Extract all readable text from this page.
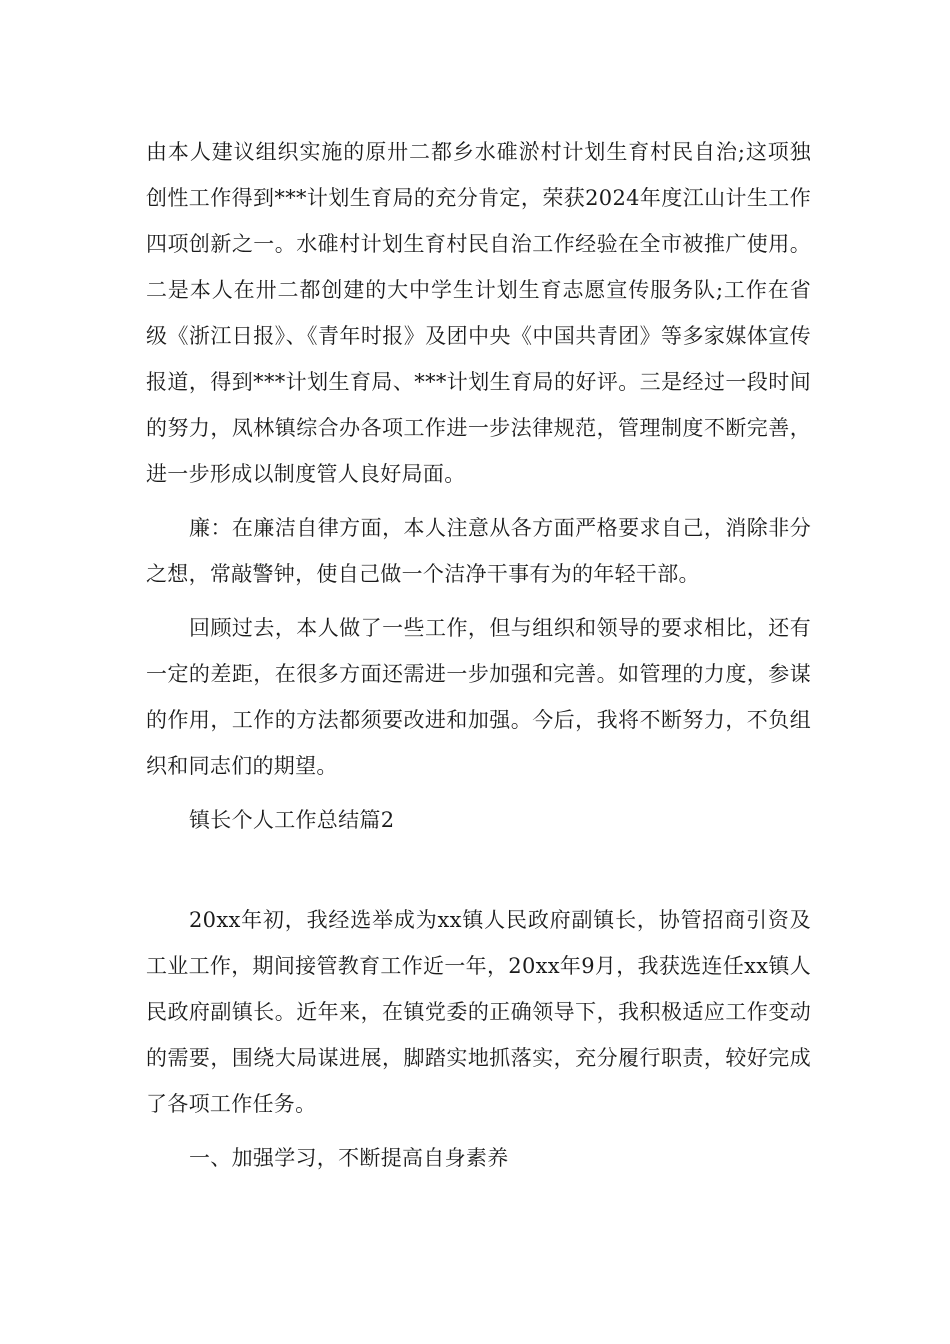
由本人建议组织实施的原卅二都乡水碓淤村计划生育村民自治;这项独创性工作得到***计划生育局的充分肯定，荣获2024年度江山计生工作四项创新之一。水碓村计划生育村民自治工作经验在全市被推广使用。二是本人在卅二都创建的大中学生计划生育志愿宣传服务队;工作在省级《浙江日报》、《青年时报》及团中央《中国共青团》等多家媒体宣传报道，得到***计划生育局、***计划生育局的好评。三是经过一段时间的努力，凤林镇综合办各项工作进一步法律规范，管理制度不断完善，进一步形成以制度管人良好局面。

廉：在廉洁自律方面，本人注意从各方面严格要求自己，消除非分之想，常敲警钟，使自己做一个洁净干事有为的年轻干部。

回顾过去，本人做了一些工作，但与组织和领导的要求相比，还有一定的差距，在很多方面还需进一步加强和完善。如管理的力度，参谋的作用，工作的方法都须要改进和加强。今后，我将不断努力，不负组织和同志们的期望。

镇长个人工作总结篇2

20xx年初，我经选举成为xx镇人民政府副镇长，协管招商引资及工业工作，期间接管教育工作近一年，20xx年9月，我获选连任xx镇人民政府副镇长。近年来，在镇党委的正确领导下，我积极适应工作变动的需要，围绕大局谋进展，脚踏实地抓落实，充分履行职责，较好完成了各项工作任务。

一、加强学习，不断提高自身素养
